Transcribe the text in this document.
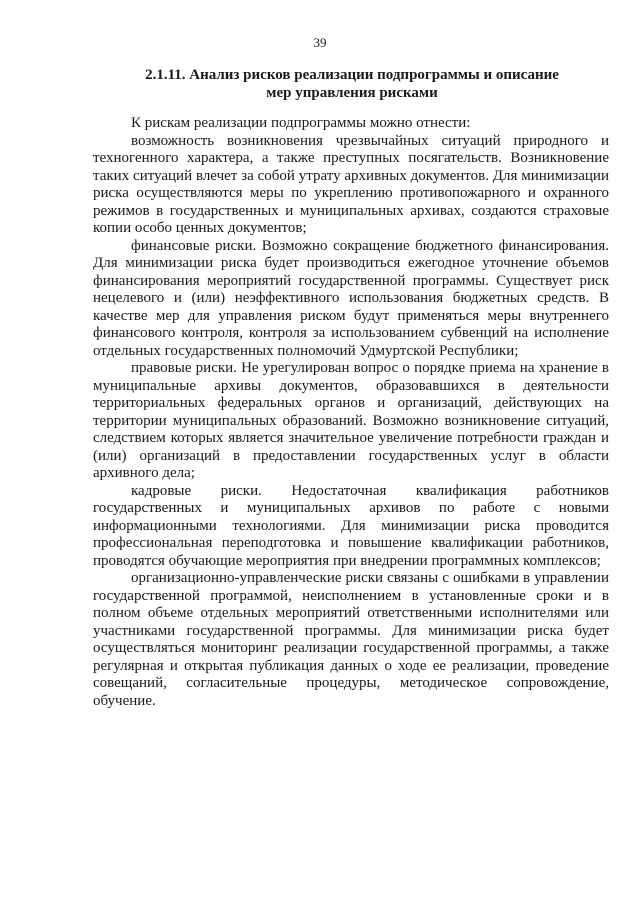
39
2.1.11. Анализ рисков реализации подпрограммы и описание
мер управления рисками

К рискам реализации подпрограммы можно отнести:

возможность возникновения чрезвычайных ситуаций природного и техногенного характера, а также преступных посягательств. Возникновение таких ситуаций влечет за собой утрату архивных документов. Для минимизации риска осуществляются меры по укреплению противопожарного и охранного режимов в государственных и муниципальных архивах, создаются страховые копии особо ценных документов;

финансовые риски. Возможно сокращение бюджетного финансирования. Для минимизации риска будет производиться ежегодное уточнение объемов финансирования мероприятий государственной программы. Существует риск нецелевого и (или) неэффективного использования бюджетных средств. В качестве мер для управления риском будут применяться меры внутреннего финансового контроля, контроля за использованием субвенций на исполнение отдельных государственных полномочий Удмуртской Республики;

правовые риски. Не урегулирован вопрос о порядке приема на хранение в муниципальные архивы документов, образовавшихся в деятельности территориальных федеральных органов и организаций, действующих на территории муниципальных образований. Возможно возникновение ситуаций, следствием которых является значительное увеличение потребности граждан и (или) организаций в предоставлении государственных услуг в области архивного дела;

кадровые риски. Недостаточная квалификация работников государственных и муниципальных архивов по работе с новыми информационными технологиями. Для минимизации риска проводится профессиональная переподготовка и повышение квалификации работников, проводятся обучающие мероприятия при внедрении программных комплексов;

организационно-управленческие риски связаны с ошибками в управлении государственной программой, неисполнением в установленные сроки и в полном объеме отдельных мероприятий ответственными исполнителями или участниками государственной программы. Для минимизации риска будет осуществляться мониторинг реализации государственной программы, а также регулярная и открытая публикация данных о ходе ее реализации, проведение совещаний, согласительные процедуры, методическое сопровождение, обучение.
